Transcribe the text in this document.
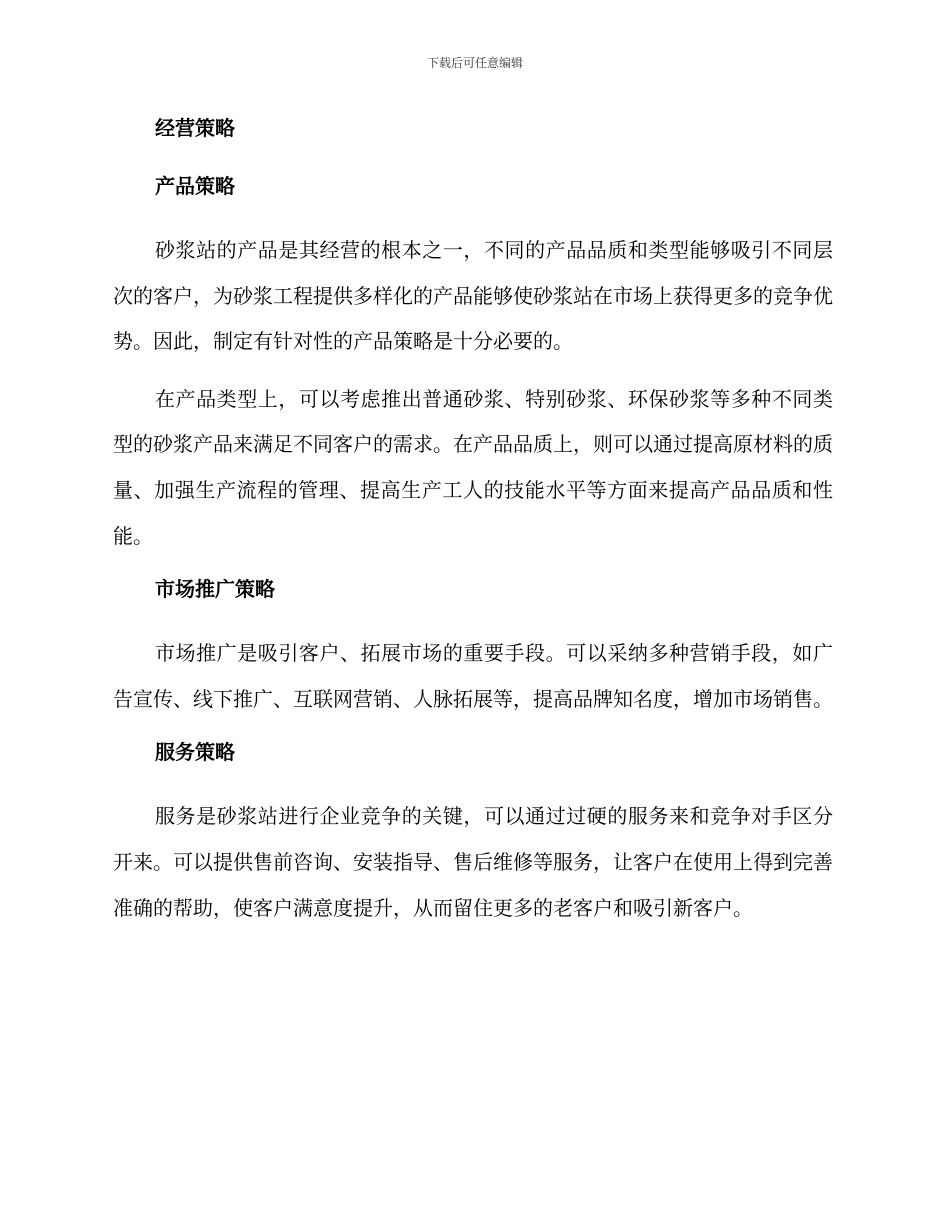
下载后可任意编辑
经营策略
产品策略

砂浆站的产品是其经营的根本之一，不同的产品品质和类型能够吸引不同层次的客户，为砂浆工程提供多样化的产品能够使砂浆站在市场上获得更多的竞争优势。因此，制定有针对性的产品策略是十分必要的。

在产品类型上，可以考虑推出普通砂浆、特别砂浆、环保砂浆等多种不同类型的砂浆产品来满足不同客户的需求。在产品品质上，则可以通过提高原材料的质量、加强生产流程的管理、提高生产工人的技能水平等方面来提高产品品质和性能。

市场推广策略

市场推广是吸引客户、拓展市场的重要手段。可以采纳多种营销手段，如广告宣传、线下推广、互联网营销、人脉拓展等，提高品牌知名度，增加市场销售。

服务策略

服务是砂浆站进行企业竞争的关键，可以通过过硬的服务来和竞争对手区分开来。可以提供售前咨询、安装指导、售后维修等服务，让客户在使用上得到完善准确的帮助，使客户满意度提升，从而留住更多的老客户和吸引新客户。
